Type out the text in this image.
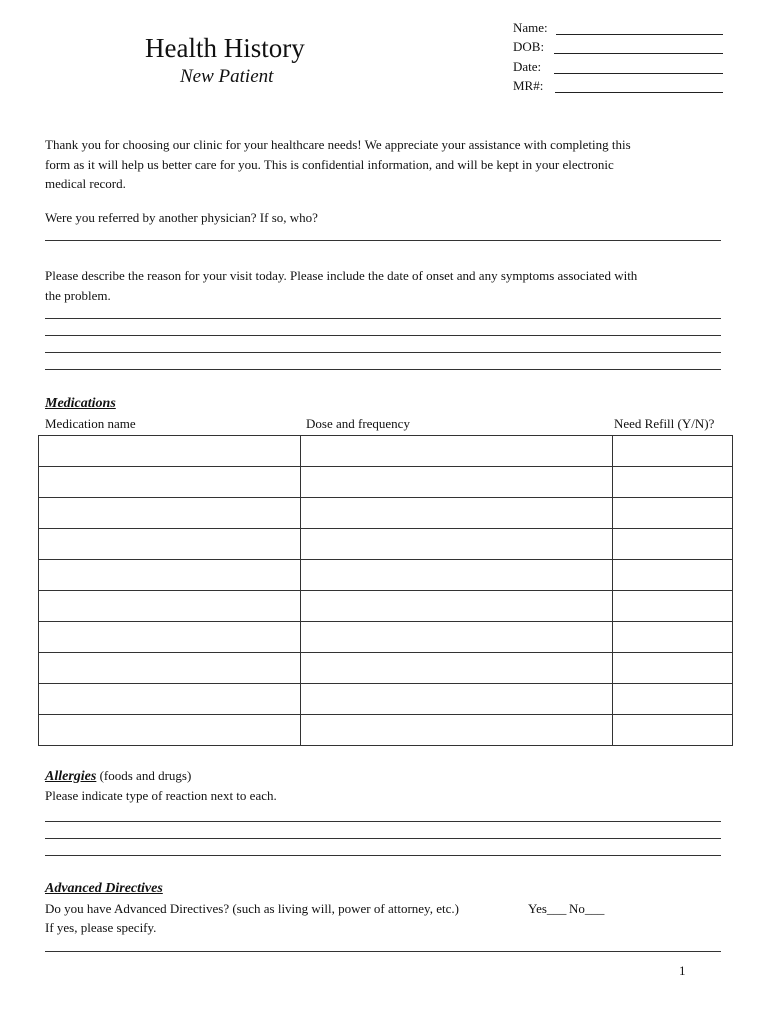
Health History
New Patient
Name:
DOB:
Date:
MR#:
Thank you for choosing our clinic for your healthcare needs! We appreciate your assistance with completing this
form as it will help us better care for you. This is confidential information, and will be kept in your electronic
medical record.
Were you referred by another physician? If so, who?
Please describe the reason for your visit today. Please include the date of onset and any symptoms associated with
the problem.
Medications
Medication name	Dose and frequency	Need Refill (Y/N)?

Allergies (foods and drugs)
Please indicate type of reaction next to each.
Advanced Directives
Do you have Advanced Directives? (such as living will, power of attorney, etc.)	Yes___ No___
If yes, please specify.
1
